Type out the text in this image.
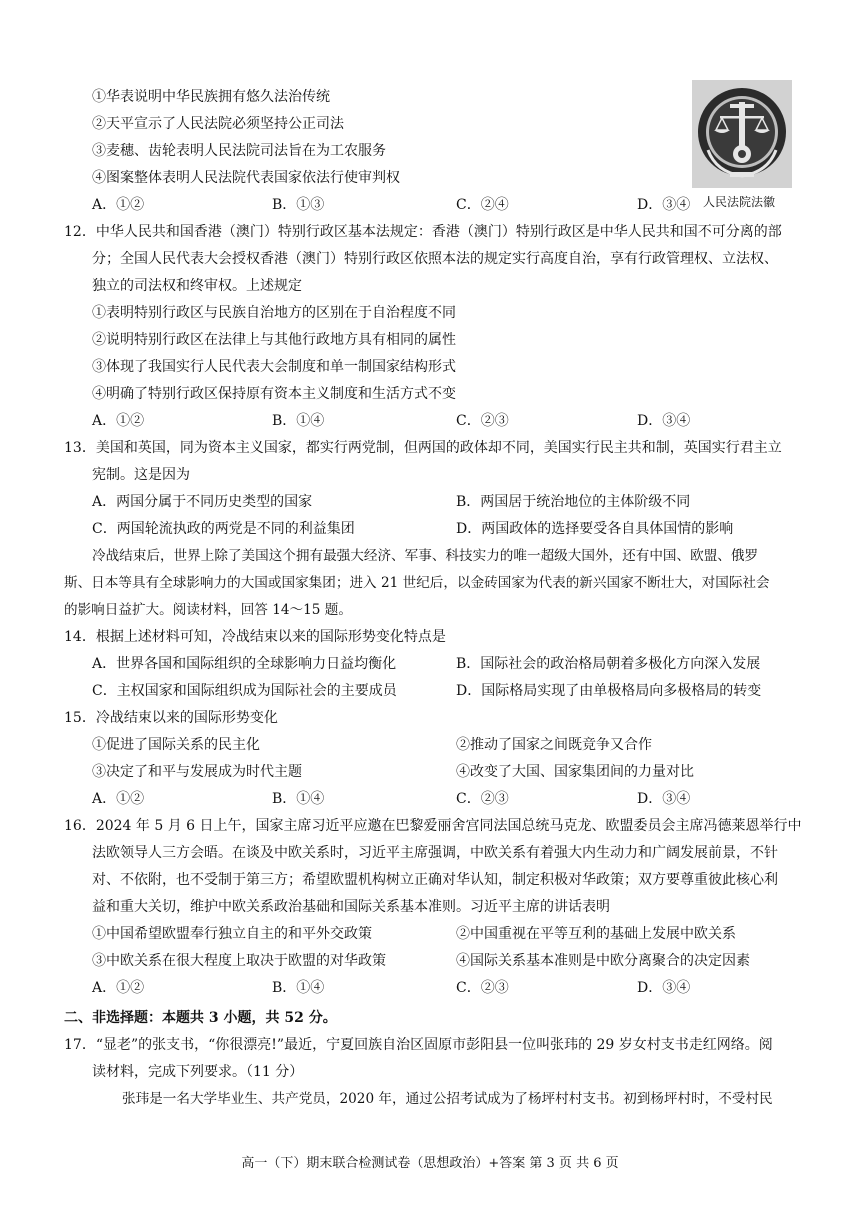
①华表说明中华民族拥有悠久法治传统
②天平宣示了人民法院必须坚持公正司法
③麦穗、齿轮表明人民法院司法旨在为工农服务
④图案整体表明人民法院代表国家依法行使审判权
A．①②	B．①③	C．②④	D．③④ 人民法院法徽
12．中华人民共和国香港（澳门）特别行政区基本法规定：香港（澳门）特别行政区是中华人民共和国不可分离的部
分；全国人民代表大会授权香港（澳门）特别行政区依照本法的规定实行高度自治，享有行政管理权、立法权、
独立的司法权和终审权。上述规定
①表明特别行政区与民族自治地方的区别在于自治程度不同
②说明特别行政区在法律上与其他行政地方具有相同的属性
③体现了我国实行人民代表大会制度和单一制国家结构形式
④明确了特别行政区保持原有资本主义制度和生活方式不变
A．①②	B．①④	C．②③	D．③④
13．美国和英国，同为资本主义国家，都实行两党制，但两国的政体却不同，美国实行民主共和制，英国实行君主立
宪制。这是因为
A．两国分属于不同历史类型的国家	B．两国居于统治地位的主体阶级不同
C．两国轮流执政的两党是不同的利益集团	D．两国政体的选择要受各自具体国情的影响
冷战结束后，世界上除了美国这个拥有最强大经济、军事、科技实力的唯一超级大国外，还有中国、欧盟、俄罗
斯、日本等具有全球影响力的大国或国家集团；进入 21 世纪后，以金砖国家为代表的新兴国家不断壮大，对国际社会
的影响日益扩大。阅读材料，回答 14～15 题。
14．根据上述材料可知，冷战结束以来的国际形势变化特点是
A．世界各国和国际组织的全球影响力日益均衡化	B．国际社会的政治格局朝着多极化方向深入发展
C．主权国家和国际组织成为国际社会的主要成员	D．国际格局实现了由单极格局向多极格局的转变
15．冷战结束以来的国际形势变化
①促进了国际关系的民主化	②推动了国家之间既竞争又合作
③决定了和平与发展成为时代主题	④改变了大国、国家集团间的力量对比
A．①②	B．①④	C．②③	D．③④
16．2024 年 5 月 6 日上午，国家主席习近平应邀在巴黎爱丽舍宫同法国总统马克龙、欧盟委员会主席冯德莱恩举行中
法欧领导人三方会晤。在谈及中欧关系时，习近平主席强调，中欧关系有着强大内生动力和广阔发展前景，不针
对、不依附，也不受制于第三方；希望欧盟机构树立正确对华认知，制定积极对华政策；双方要尊重彼此核心利
益和重大关切，维护中欧关系政治基础和国际关系基本准则。习近平主席的讲话表明
①中国希望欧盟奉行独立自主的和平外交政策	②中国重视在平等互利的基础上发展中欧关系
③中欧关系在很大程度上取决于欧盟的对华政策	④国际关系基本准则是中欧分离聚合的决定因素
A．①②	B．①④	C．②③	D．③④
二、非选择题：本题共 3 小题，共 52 分。
17．“显老”的张支书，“你很漂亮!”最近，宁夏回族自治区固原市彭阳县一位叫张玮的 29 岁女村支书走红网络。阅
读材料，完成下列要求。（11 分）
张玮是一名大学毕业生、共产党员，2020 年，通过公招考试成为了杨坪村村支书。初到杨坪村时，不受村民
高一（下）期末联合检测试卷（思想政治）+答案 第 3 页 共 6 页
